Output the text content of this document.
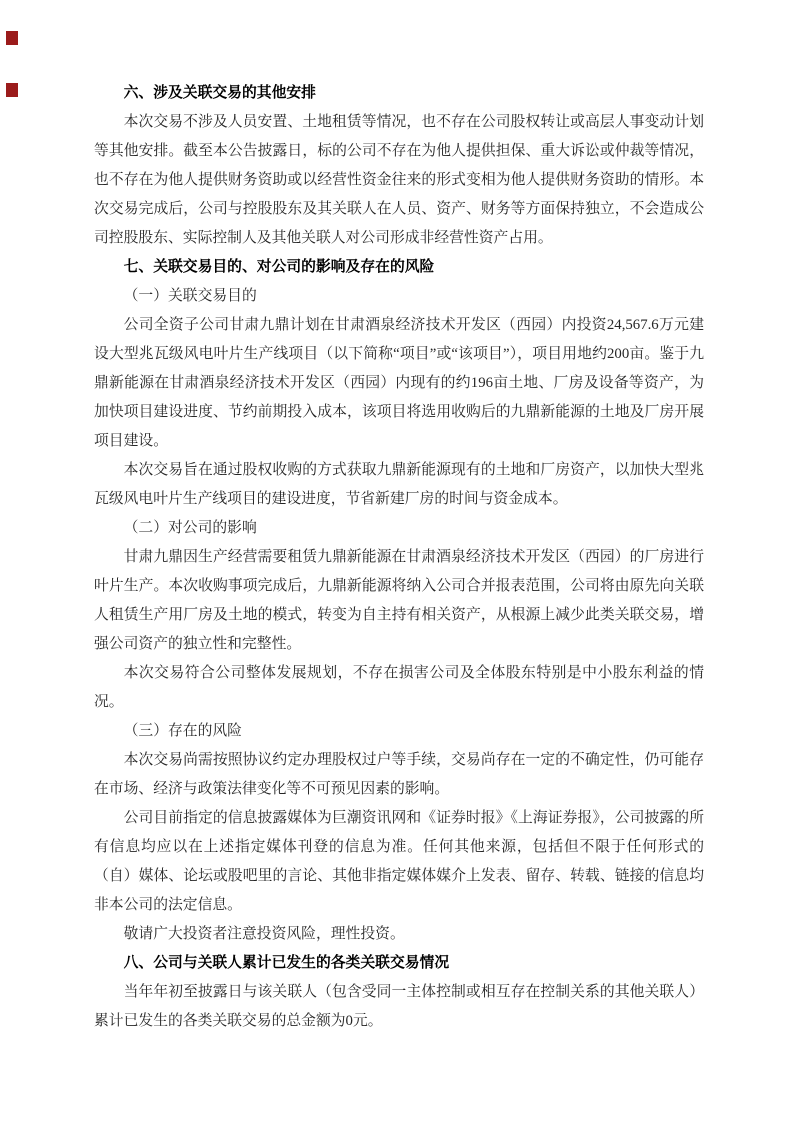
六、涉及关联交易的其他安排
本次交易不涉及人员安置、土地租赁等情况，也不存在公司股权转让或高层人事变动计划等其他安排。截至本公告披露日，标的公司不存在为他人提供担保、重大诉讼或仲裁等情况，也不存在为他人提供财务资助或以经营性资金往来的形式变相为他人提供财务资助的情形。本次交易完成后，公司与控股股东及其关联人在人员、资产、财务等方面保持独立，不会造成公司控股股东、实际控制人及其他关联人对公司形成非经营性资产占用。
七、关联交易目的、对公司的影响及存在的风险
（一）关联交易目的
公司全资子公司甘肃九鼎计划在甘肃酒泉经济技术开发区（西园）内投资24,567.6万元建设大型兆瓦级风电叶片生产线项目（以下简称“项目”或“该项目”），项目用地约200亩。鉴于九鼎新能源在甘肃酒泉经济技术开发区（西园）内现有的约196亩土地、厂房及设备等资产，为加快项目建设进度、节约前期投入成本，该项目将选用收购后的九鼎新能源的土地及厂房开展项目建设。
本次交易旨在通过股权收购的方式获取九鼎新能源现有的土地和厂房资产，以加快大型兆瓦级风电叶片生产线项目的建设进度，节省新建厂房的时间与资金成本。
（二）对公司的影响
甘肃九鼎因生产经营需要租赁九鼎新能源在甘肃酒泉经济技术开发区（西园）的厂房进行叶片生产。本次收购事项完成后，九鼎新能源将纳入公司合并报表范围，公司将由原先向关联人租赁生产用厂房及土地的模式，转变为自主持有相关资产，从根源上减少此类关联交易，增强公司资产的独立性和完整性。
本次交易符合公司整体发展规划，不存在损害公司及全体股东特别是中小股东利益的情况。
（三）存在的风险
本次交易尚需按照协议约定办理股权过户等手续，交易尚存在一定的不确定性，仍可能存在市场、经济与政策法律变化等不可预见因素的影响。
公司目前指定的信息披露媒体为巨潮资讯网和《证券时报》《上海证券报》，公司披露的所有信息均应以在上述指定媒体刊登的信息为准。任何其他来源，包括但不限于任何形式的（自）媒体、论坛或股吧里的言论、其他非指定媒体媒介上发表、留存、转载、链接的信息均非本公司的法定信息。
敬请广大投资者注意投资风险，理性投资。
八、公司与关联人累计已发生的各类关联交易情况
当年年初至披露日与该关联人（包含受同一主体控制或相互存在控制关系的其他关联人）累计已发生的各类关联交易的总金额为0元。
